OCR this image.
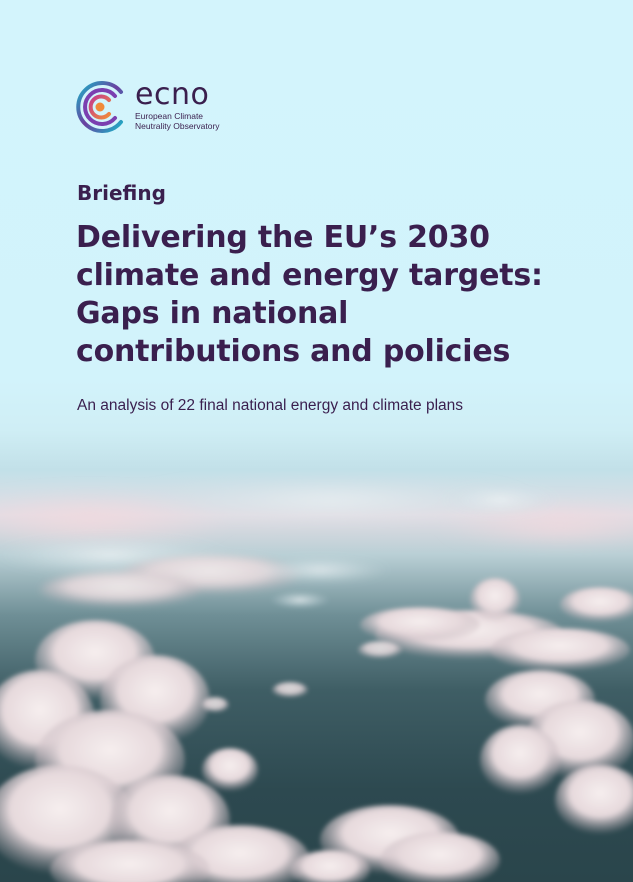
ecno
European Climate
Neutrality Observatory
Briefing
Delivering the EU’s 2030
climate and energy targets:
Gaps in national
contributions and policies
An analysis of 22 final national energy and climate plans
